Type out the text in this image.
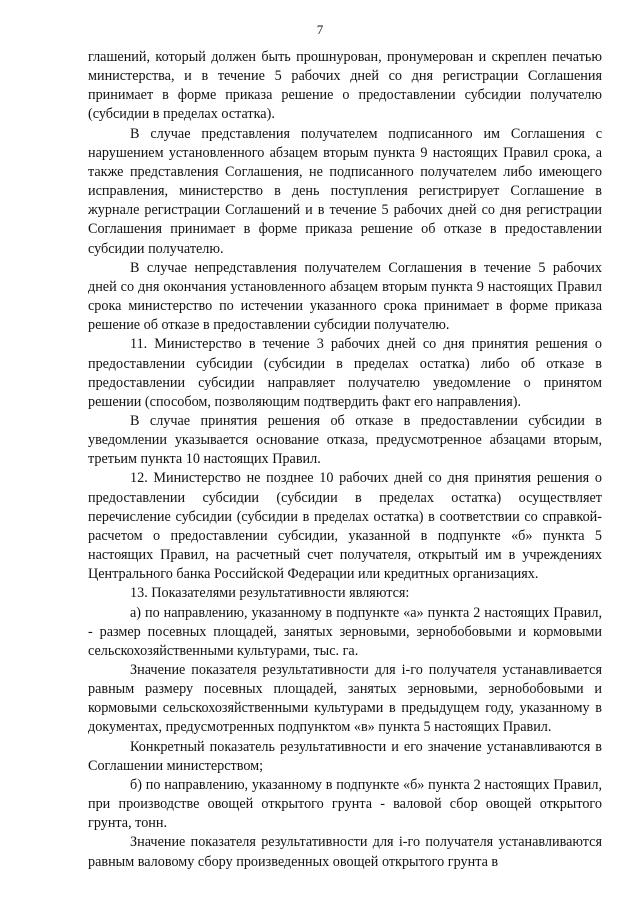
7

глашений, который должен быть прошнурован, пронумерован и скреплен печатью министерства, и в течение 5 рабочих дней со дня регистрации Соглашения принимает в форме приказа решение о предоставлении субсидии получателю (субсидии в пределах остатка).

В случае представления получателем подписанного им Соглашения с нарушением установленного абзацем вторым пункта 9 настоящих Правил срока, а также представления Соглашения, не подписанного получателем либо имеющего исправления, министерство в день поступления регистрирует Соглашение в журнале регистрации Соглашений и в течение 5 рабочих дней со дня регистрации Соглашения принимает в форме приказа решение об отказе в предоставлении субсидии получателю.

В случае непредставления получателем Соглашения в течение 5 рабочих дней со дня окончания установленного абзацем вторым пункта 9 настоящих Правил срока министерство по истечении указанного срока принимает в форме приказа решение об отказе в предоставлении субсидии получателю.

11. Министерство в течение 3 рабочих дней со дня принятия решения о предоставлении субсидии (субсидии в пределах остатка) либо об отказе в предоставлении субсидии направляет получателю уведомление о принятом решении (способом, позволяющим подтвердить факт его направления).

В случае принятия решения об отказе в предоставлении субсидии в уведомлении указывается основание отказа, предусмотренное абзацами вторым, третьим пункта 10 настоящих Правил.

12. Министерство не позднее 10 рабочих дней со дня принятия решения о предоставлении субсидии (субсидии в пределах остатка) осуществляет перечисление субсидии (субсидии в пределах остатка) в соответствии со справкой-расчетом о предоставлении субсидии, указанной в подпункте «б» пункта 5 настоящих Правил, на расчетный счет получателя, открытый им в учреждениях Центрального банка Российской Федерации или кредитных организациях.

13. Показателями результативности являются:

а) по направлению, указанному в подпункте «а» пункта 2 настоящих Правил, - размер посевных площадей, занятых зерновыми, зернобобовыми и кормовыми сельскохозяйственными культурами, тыс. га.

Значение показателя результативности для i-го получателя устанавливается равным размеру посевных площадей, занятых зерновыми, зернобобовыми и кормовыми сельскохозяйственными культурами в предыдущем году, указанному в документах, предусмотренных подпунктом «в» пункта 5 настоящих Правил.

Конкретный показатель результативности и его значение устанавливаются в Соглашении министерством;

б) по направлению, указанному в подпункте «б» пункта 2 настоящих Правил, при производстве овощей открытого грунта - валовой сбор овощей открытого грунта, тонн.

Значение показателя результативности для i-го получателя устанавливаются равным валовому сбору произведенных овощей открытого грунта в
